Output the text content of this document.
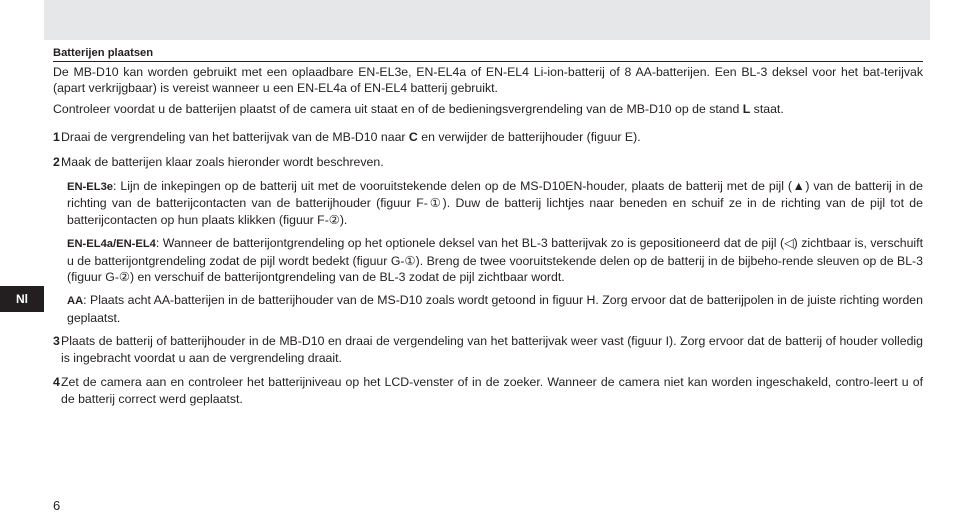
Nl
Batterijen plaatsen

De MB-D10 kan worden gebruikt met een oplaadbare EN-EL3e, EN-EL4a of EN-EL4 Li-ion-batterij of 8 AA-batterijen. Een BL-3 deksel voor het bat-terijvak (apart verkrijgbaar) is vereist wanneer u een EN-EL4a of EN-EL4 batterij gebruikt.

Controleer voordat u de batterijen plaatst of de camera uit staat en of de bedieningsvergrendeling van de MB-D10 op de stand L staat.

1 Draai de vergrendeling van het batterijvak van de MB-D10 naar C en verwijder de batterijhouder (figuur E).
2 Maak de batterijen klaar zoals hieronder wordt beschreven.
EN-EL3e: Lijn de inkepingen op de batterij uit met de vooruitstekende delen op de MS-D10EN-houder, plaats de batterij met de pijl (▲) van de batterij in de richting van de batterijcontacten van de batterijhouder (figuur F-①). Duw de batterij lichtjes naar beneden en schuif ze in de richting van de pijl tot de batterijcontacten op hun plaats klikken (figuur F-②).
EN-EL4a/EN-EL4: Wanneer de batterijontgrendeling op het optionele deksel van het BL-3 batterijvak zo is gepositioneerd dat de pijl (◁) zichtbaar is, verschuift u de batterijontgrendeling zodat de pijl wordt bedekt (figuur G-①). Breng de twee vooruitstekende delen op de batterij in de bijbeho-rende sleuven op de BL-3 (figuur G-②) en verschuif de batterijontgrendeling van de BL-3 zodat de pijl zichtbaar wordt.
AA: Plaats acht AA-batterijen in de batterijhouder van de MS-D10 zoals wordt getoond in figuur H. Zorg ervoor dat de batterijpolen in de juiste richting worden geplaatst.
3 Plaats de batterij of batterijhouder in de MB-D10 en draai de vergendeling van het batterijvak weer vast (figuur I). Zorg ervoor dat de batterij of houder volledig is ingebracht voordat u aan de vergrendeling draait.
4 Zet de camera aan en controleer het batterijniveau op het LCD-venster of in de zoeker. Wanneer de camera niet kan worden ingeschakeld, contro-leert u of de batterij correct werd geplaatst.
6
